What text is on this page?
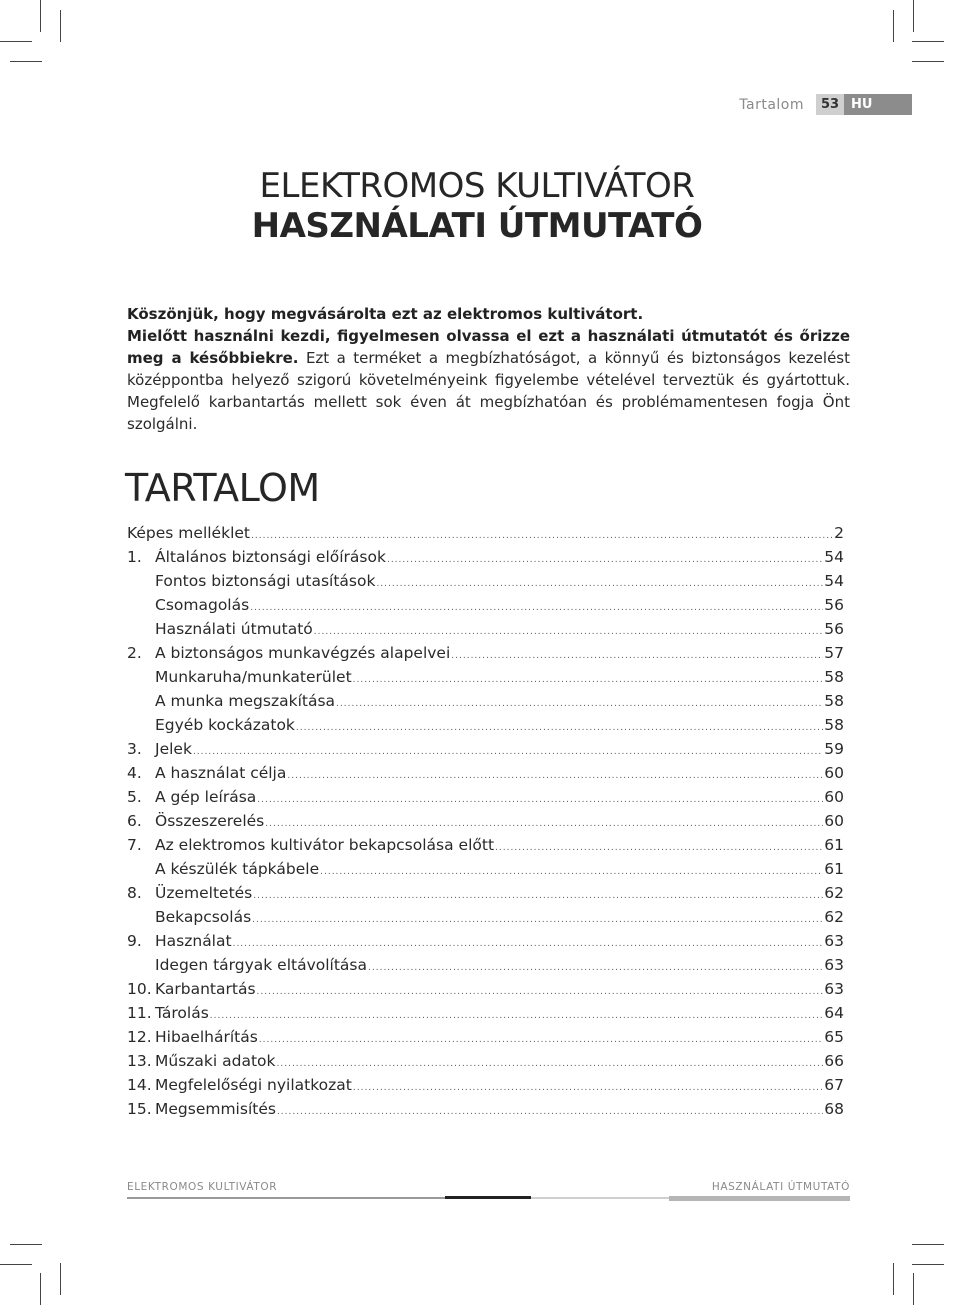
Tartalom	53 HU
ELEKTROMOS KULTIVÁTOR
HASZNÁLATI ÚTMUTATÓ
Köszönjük, hogy megvásárolta ezt az elektromos kultivátort.
Mielőtt használni kezdi, figyelmesen olvassa el ezt a használati útmutatót és őrizze meg a későbbiekre. Ezt a terméket a megbízhatóságot, a könnyű és biztonságos kezelést középpontba helyező szigorú követelményeink figyelembe vételével terveztük és gyártottuk. Megfelelő karbantartás mellett sok éven át megbízhatóan és problémamentesen fogja Önt szolgálni.
TARTALOM
Képes melléklet .....	2
1. Általános biztonsági előírások .....	54
Fontos biztonsági utasítások .....	54
Csomagolás .....	56
Használati útmutató .....	56
2. A biztonságos munkavégzés alapelvei .....	57
Munkaruha/munkaterület .....	58
A munka megszakítása .....	58
Egyéb kockázatok .....	58
3. Jelek .....	59
4. A használat célja .....	60
5. A gép leírása .....	60
6. Összeszerelés .....	60
7. Az elektromos kultivátor bekapcsolása előtt .....	61
A készülék tápkábele .....	61
8. Üzemeltetés .....	62
Bekapcsolás .....	62
9. Használat .....	63
Idegen tárgyak eltávolítása .....	63
10. Karbantartás .....	63
11. Tárolás .....	64
12. Hibaelhárítás .....	65
13. Műszaki adatok .....	66
14. Megfelelőségi nyilatkozat .....	67
15. Megsemmisítés .....	68
ELEKTROMOS KULTIVÁTOR	HASZNÁLATI ÚTMUTATÓ
